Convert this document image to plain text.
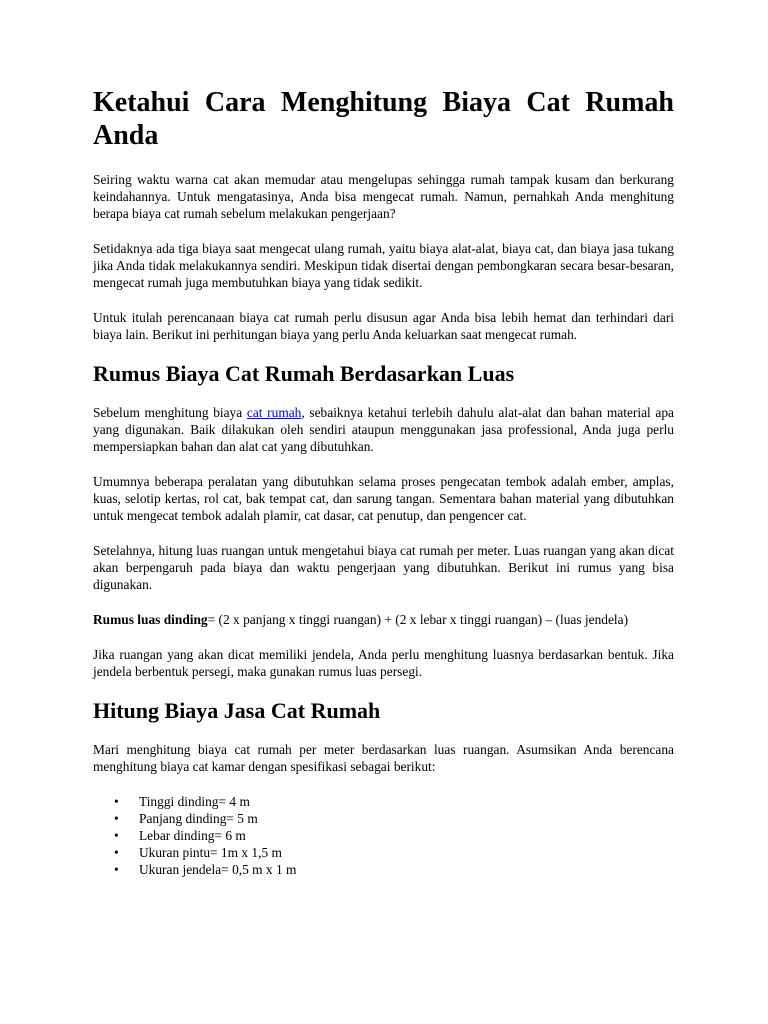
Ketahui Cara Menghitung Biaya Cat Rumah Anda

Seiring waktu warna cat akan memudar atau mengelupas sehingga rumah tampak kusam dan berkurang keindahannya. Untuk mengatasinya, Anda bisa mengecat rumah. Namun, pernahkah Anda menghitung berapa biaya cat rumah sebelum melakukan pengerjaan?

Setidaknya ada tiga biaya saat mengecat ulang rumah, yaitu biaya alat-alat, biaya cat, dan biaya jasa tukang jika Anda tidak melakukannya sendiri. Meskipun tidak disertai dengan pembongkaran secara besar-besaran, mengecat rumah juga membutuhkan biaya yang tidak sedikit.

Untuk itulah perencanaan biaya cat rumah perlu disusun agar Anda bisa lebih hemat dan terhindari dari biaya lain. Berikut ini perhitungan biaya yang perlu Anda keluarkan saat mengecat rumah.

Rumus Biaya Cat Rumah Berdasarkan Luas

Sebelum menghitung biaya cat rumah, sebaiknya ketahui terlebih dahulu alat-alat dan bahan material apa yang digunakan. Baik dilakukan oleh sendiri ataupun menggunakan jasa professional, Anda juga perlu mempersiapkan bahan dan alat cat yang dibutuhkan.

Umumnya beberapa peralatan yang dibutuhkan selama proses pengecatan tembok adalah ember, amplas, kuas, selotip kertas, rol cat, bak tempat cat, dan sarung tangan. Sementara bahan material yang dibutuhkan untuk mengecat tembok adalah plamir, cat dasar, cat penutup, dan pengencer cat.

Setelahnya, hitung luas ruangan untuk mengetahui biaya cat rumah per meter. Luas ruangan yang akan dicat akan berpengaruh pada biaya dan waktu pengerjaan yang dibutuhkan. Berikut ini rumus yang bisa digunakan.

Rumus luas dinding= (2 x panjang x tinggi ruangan) + (2 x lebar x tinggi ruangan) – (luas jendela)

Jika ruangan yang akan dicat memiliki jendela, Anda perlu menghitung luasnya berdasarkan bentuk. Jika jendela berbentuk persegi, maka gunakan rumus luas persegi.

Hitung Biaya Jasa Cat Rumah

Mari menghitung biaya cat rumah per meter berdasarkan luas ruangan. Asumsikan Anda berencana menghitung biaya cat kamar dengan spesifikasi sebagai berikut:

• Tinggi dinding= 4 m
• Panjang dinding= 5 m
• Lebar dinding= 6 m
• Ukuran pintu= 1m x 1,5 m
• Ukuran jendela= 0,5 m x 1 m
